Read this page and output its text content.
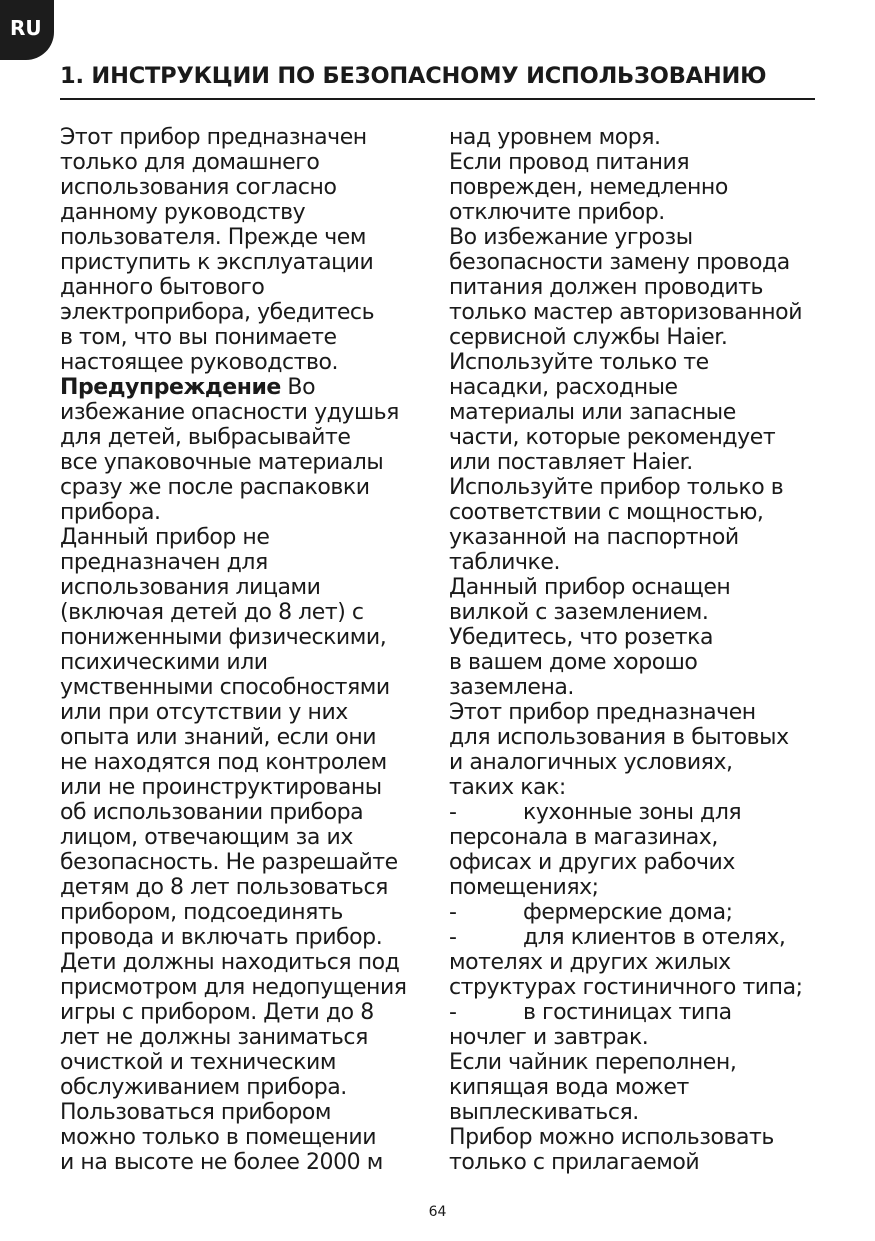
RU
1. ИНСТРУКЦИИ ПО БЕЗОПАСНОМУ ИСПОЛЬЗОВАНИЮ
Этот прибор предназначен
только для домашнего
использования согласно
данному руководству
пользователя. Прежде чем
приступить к эксплуатации
данного бытового
электроприбора, убедитесь
в том, что вы понимаете
настоящее руководство.
Предупреждение Во
избежание опасности удушья
для детей, выбрасывайте
все упаковочные материалы
сразу же после распаковки
прибора.
Данный прибор не
предназначен для
использования лицами
(включая детей до 8 лет) с
пониженными физическими,
психическими или
умственными способностями
или при отсутствии у них
опыта или знаний, если они
не находятся под контролем
или не проинструктированы
об использовании прибора
лицом, отвечающим за их
безопасность. Не разрешайте
детям до 8 лет пользоваться
прибором, подсоединять
провода и включать прибор.
Дети должны находиться под
присмотром для недопущения
игры с прибором. Дети до 8
лет не должны заниматься
очисткой и техническим
обслуживанием прибора.
Пользоваться прибором
можно только в помещении
и на высоте не более 2000 м
над уровнем моря.
Если провод питания
поврежден, немедленно
отключите прибор.
Во избежание угрозы
безопасности замену провода
питания должен проводить
только мастер авторизованной
сервисной службы Haier.
Используйте только те
насадки, расходные
материалы или запасные
части, которые рекомендует
или поставляет Haier.
Используйте прибор только в
соответствии с мощностью,
указанной на паспортной
табличке.
Данный прибор оснащен
вилкой с заземлением.
Убедитесь, что розетка
в вашем доме хорошо
заземлена.
Этот прибор предназначен
для использования в бытовых
и аналогичных условиях,
таких как:
-	кухонные зоны для
персонала в магазинах,
офисах и других рабочих
помещениях;
-	фермерские дома;
-	для клиентов в отелях,
мотелях и других жилых
структурах гостиничного типа;
-	в гостиницах типа
ночлег и завтрак.
Если чайник переполнен,
кипящая вода может
выплескиваться.
Прибор можно использовать
только с прилагаемой
64
